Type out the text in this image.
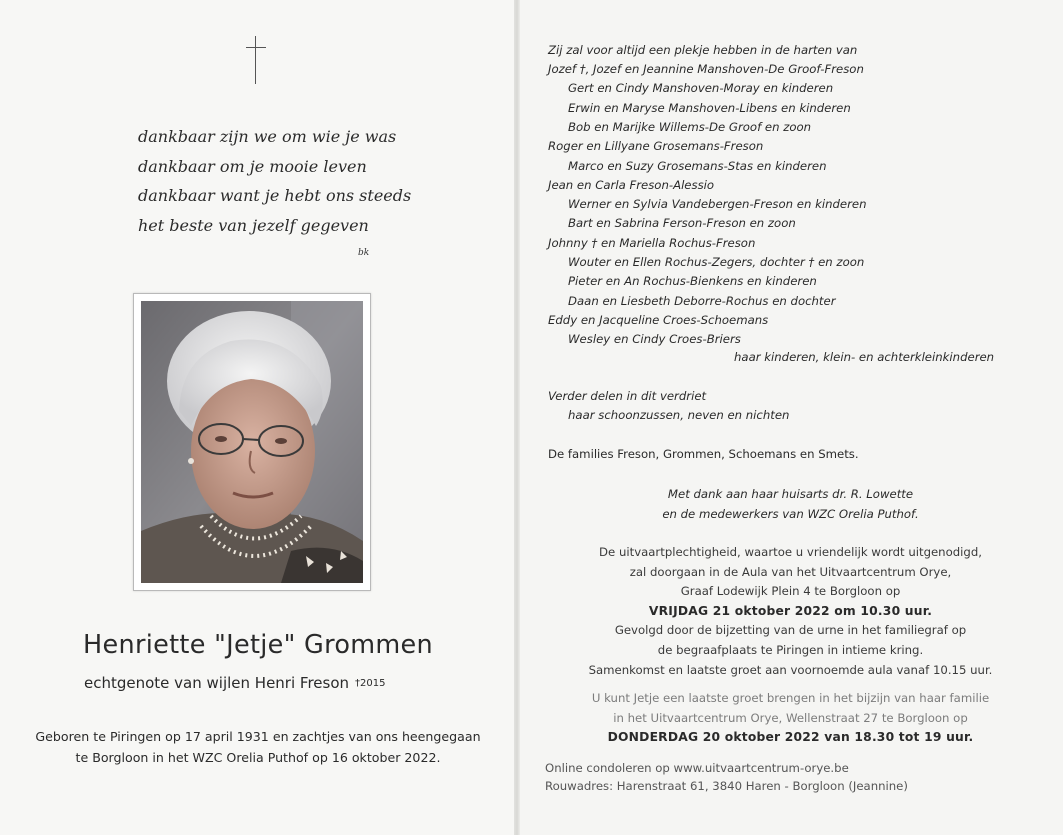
dankbaar zijn we om wie je was
dankbaar om je mooie leven
dankbaar want je hebt ons steeds
het beste van jezelf gegeven
bk
Henriette "Jetje" Grommen
echtgenote van wijlen Henri Freson †2015
Geboren te Piringen op 17 april 1931 en zachtjes van ons heengegaan
te Borgloon in het WZC Orelia Puthof op 16 oktober 2022.
Zij zal voor altijd een plekje hebben in de harten van
Jozef †, Jozef en Jeannine Manshoven-De Groof-Freson
Gert en Cindy Manshoven-Moray en kinderen
Erwin en Maryse Manshoven-Libens en kinderen
Bob en Marijke Willems-De Groof en zoon
Roger en Lillyane Grosemans-Freson
Marco en Suzy Grosemans-Stas en kinderen
Jean en Carla Freson-Alessio
Werner en Sylvia Vandebergen-Freson en kinderen
Bart en Sabrina Ferson-Freson en zoon
Johnny † en Mariella Rochus-Freson
Wouter en Ellen Rochus-Zegers, dochter † en zoon
Pieter en An Rochus-Bienkens en kinderen
Daan en Liesbeth Deborre-Rochus en dochter
Eddy en Jacqueline Croes-Schoemans
Wesley en Cindy Croes-Briers
haar kinderen, klein- en achterkleinkinderen
Verder delen in dit verdriet
haar schoonzussen, neven en nichten
De families Freson, Grommen, Schoemans en Smets.
Met dank aan haar huisarts dr. R. Lowette
en de medewerkers van WZC Orelia Puthof.
De uitvaartplechtigheid, waartoe u vriendelijk wordt uitgenodigd,
zal doorgaan in de Aula van het Uitvaartcentrum Orye,
Graaf Lodewijk Plein 4 te Borgloon op
VRIJDAG 21 oktober 2022 om 10.30 uur.
Gevolgd door de bijzetting van de urne in het familiegraf op
de begraafplaats te Piringen in intieme kring.
Samenkomst en laatste groet aan voornoemde aula vanaf 10.15 uur.
U kunt Jetje een laatste groet brengen in het bijzijn van haar familie
in het Uitvaartcentrum Orye, Wellenstraat 27 te Borgloon op
DONDERDAG 20 oktober 2022 van 18.30 tot 19 uur.
Online condoleren op www.uitvaartcentrum-orye.be
Rouwadres: Harenstraat 61, 3840 Haren - Borgloon (Jeannine)
